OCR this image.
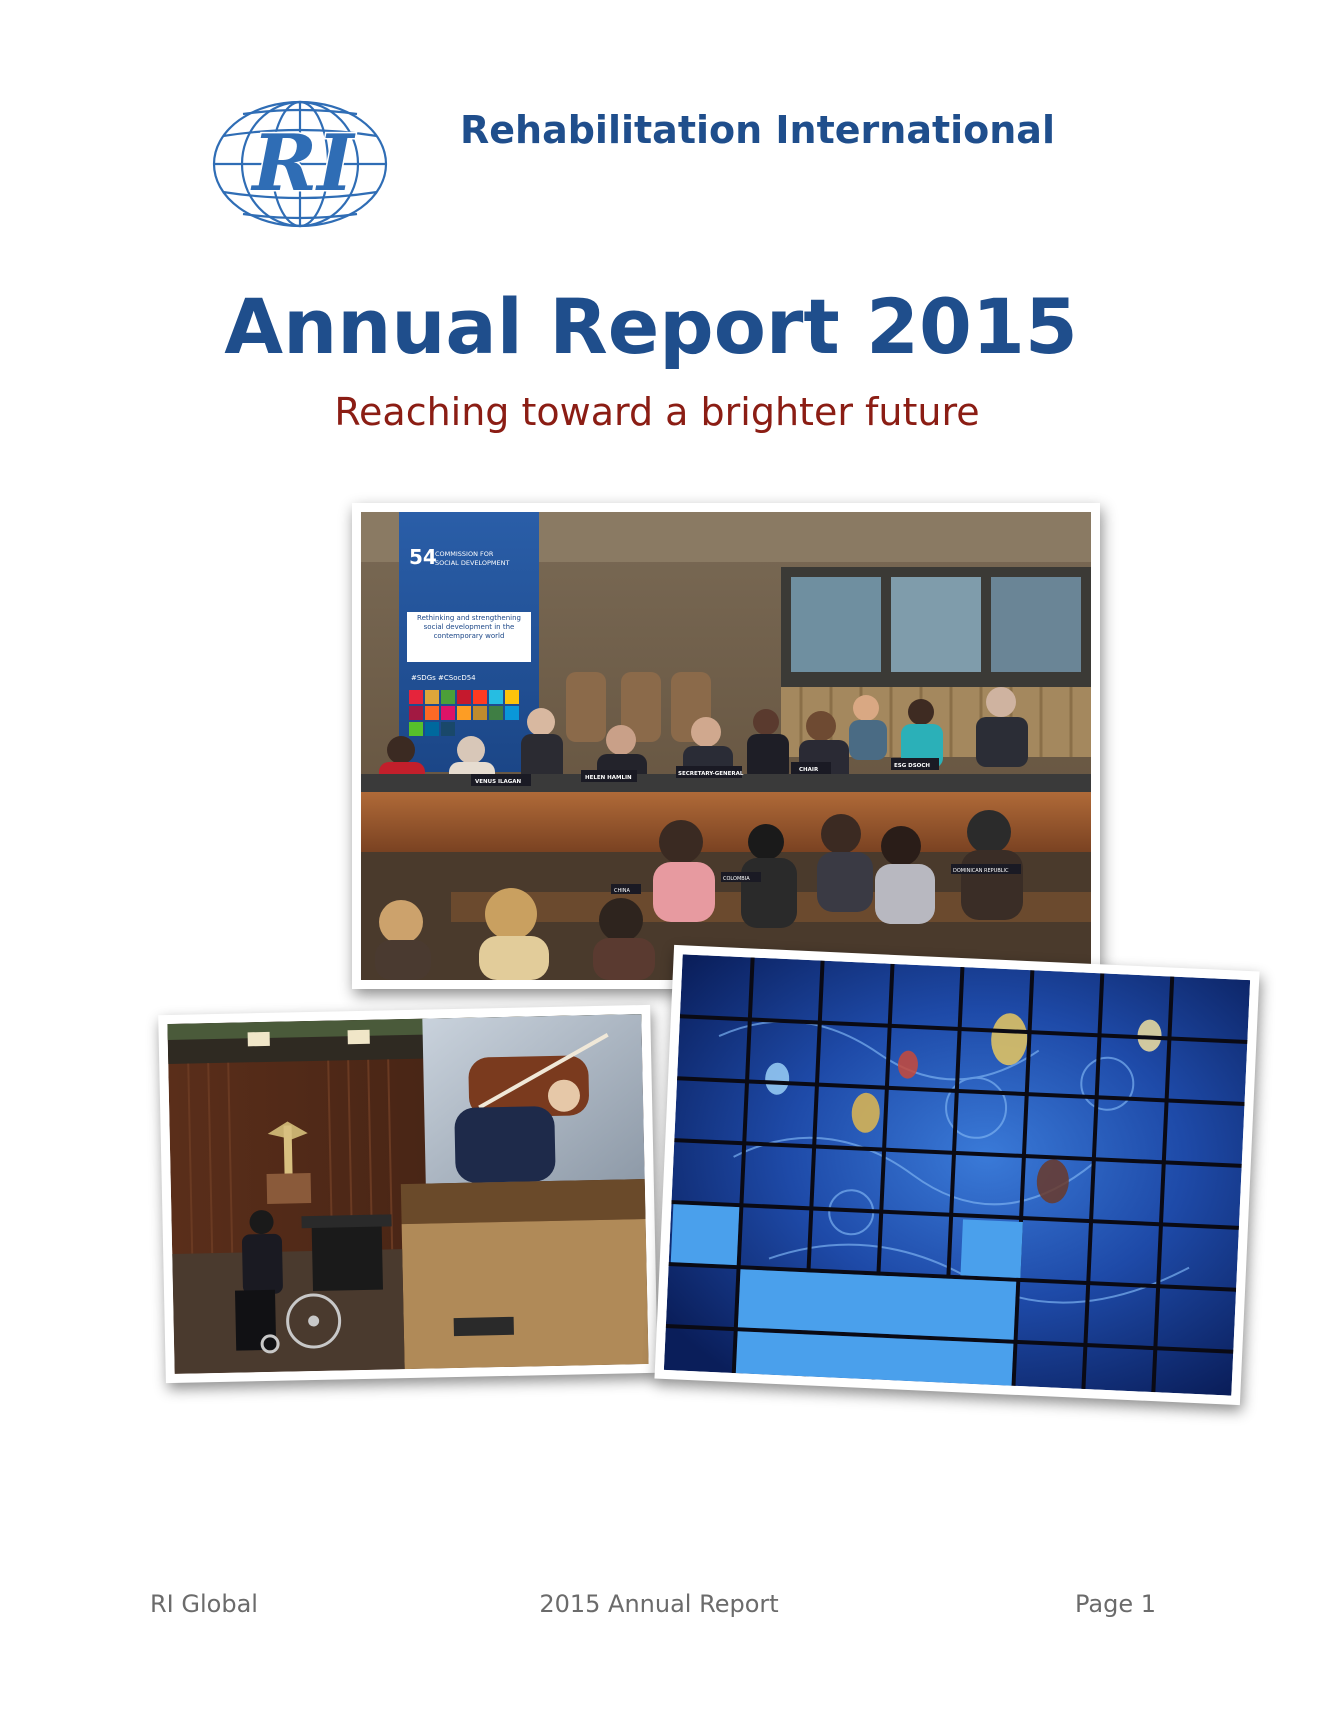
RI	Rehabilitation International
Annual Report 2015
Reaching toward a brighter future
54
COMMISSION FOR
SOCIAL DEVELOPMENT
Rethinking and strengthening social development in the contemporary world
#SDGs #CSocD54
VENUS ILAGAN
HELEN HAMLIN
SECRETARY-GENERAL
CHAIR
ESG DSOCH
COLOMBIA
CHINA
DOMINICAN REPUBLIC
RI Global	2015 Annual Report	Page 1
